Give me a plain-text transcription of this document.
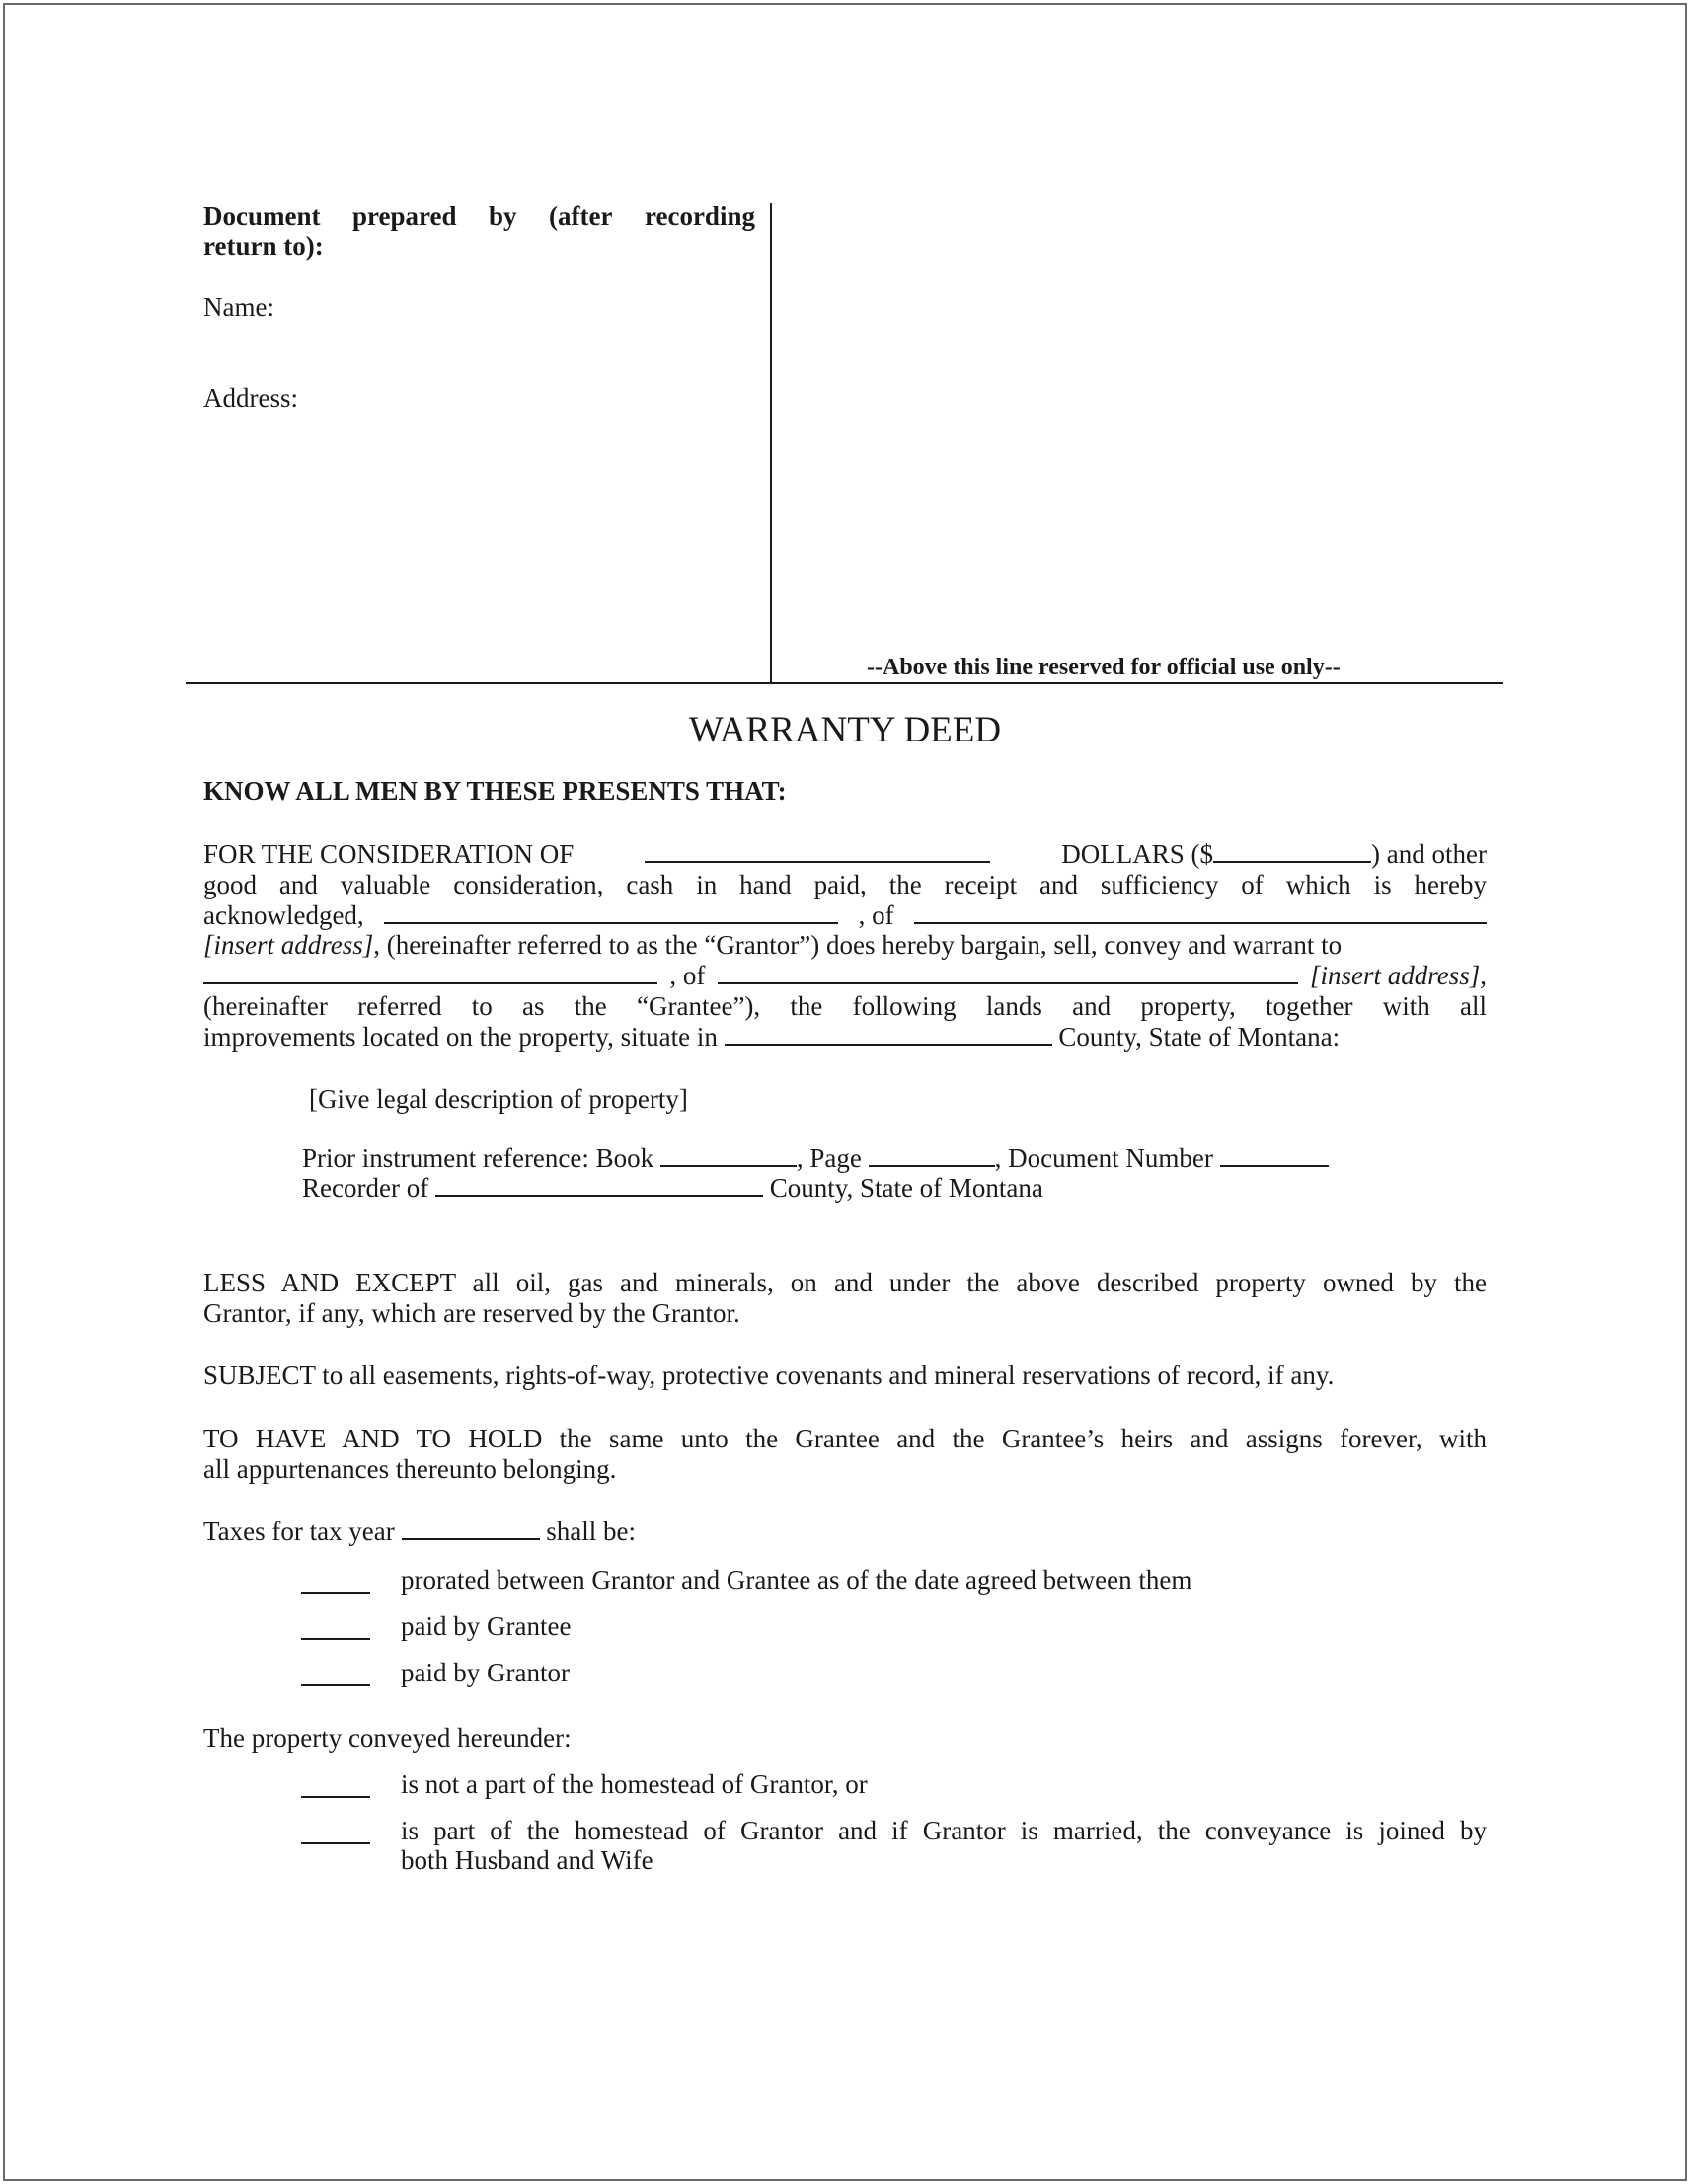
Document prepared by (after recording
return to):
Name:
Address:
--Above this line reserved for official use only--
WARRANTY DEED
KNOW ALL MEN BY THESE PRESENTS THAT:
FOR THE CONSIDERATION OF	DOLLARS ($	) and other
good and valuable consideration, cash in hand paid, the receipt and sufficiency of which is hereby
acknowledged,	, of
[insert address], (hereinafter referred to as the “Grantor”) does hereby bargain, sell, convey and warrant to
, of	[insert address],
(hereinafter referred to as the “Grantee”), the following lands and property, together with all
improvements located on the property, situate in	County, State of Montana:
[Give legal description of property]
Prior instrument reference: Book	, Page	, Document Number
Recorder of	County, State of Montana
LESS AND EXCEPT all oil, gas and minerals, on and under the above described property owned by the
Grantor, if any, which are reserved by the Grantor.
SUBJECT to all easements, rights-of-way, protective covenants and mineral reservations of record, if any.
TO HAVE AND TO HOLD the same unto the Grantee and the Grantee’s heirs and assigns forever, with
all appurtenances thereunto belonging.
Taxes for tax year	shall be:
prorated between Grantor and Grantee as of the date agreed between them
paid by Grantee
paid by Grantor
The property conveyed hereunder:
is not a part of the homestead of Grantor, or
is part of the homestead of Grantor and if Grantor is married, the conveyance is joined by
both Husband and Wife
